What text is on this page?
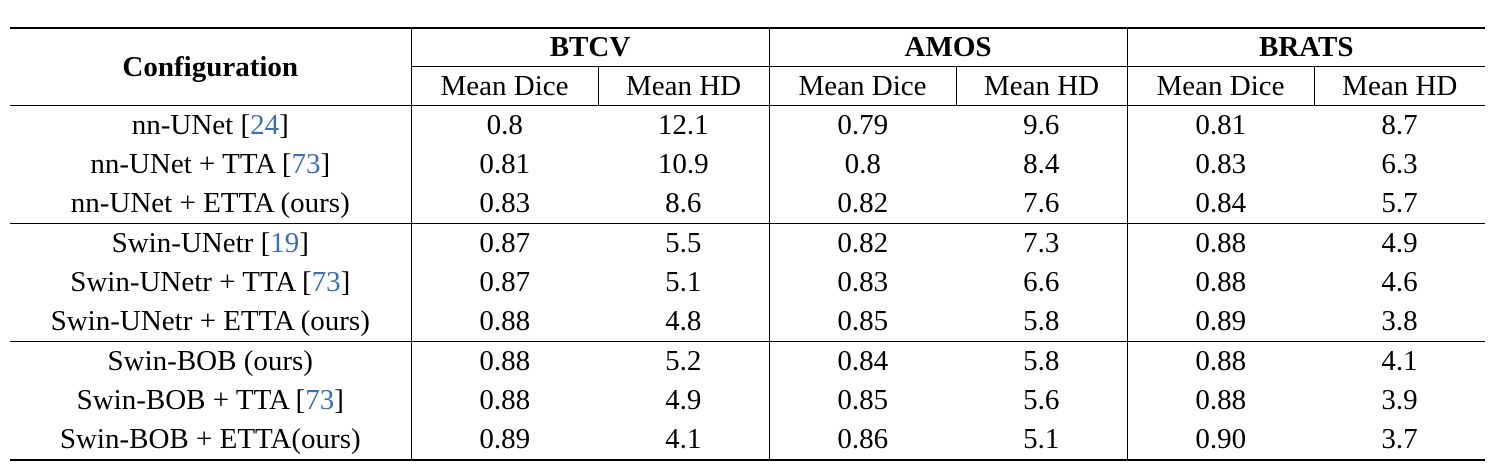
Configuration	BTCV		AMOS		BRATS	
	Mean Dice	Mean HD	Mean Dice	Mean HD	Mean Dice	Mean HD
nn-UNet [24]	0.8	12.1	0.79	9.6	0.81	8.7
nn-UNet + TTA [73]	0.81	10.9	0.8	8.4	0.83	6.3
nn-UNet + ETTA (ours)	0.83	8.6	0.82	7.6	0.84	5.7
Swin-UNetr [19]	0.87	5.5	0.82	7.3	0.88	4.9
Swin-UNetr + TTA [73]	0.87	5.1	0.83	6.6	0.88	4.6
Swin-UNetr + ETTA (ours)	0.88	4.8	0.85	5.8	0.89	3.8
Swin-BOB (ours)	0.88	5.2	0.84	5.8	0.88	4.1
Swin-BOB + TTA [73]	0.88	4.9	0.85	5.6	0.88	3.9
Swin-BOB + ETTA(ours)	0.89	4.1	0.86	5.1	0.90	3.7
